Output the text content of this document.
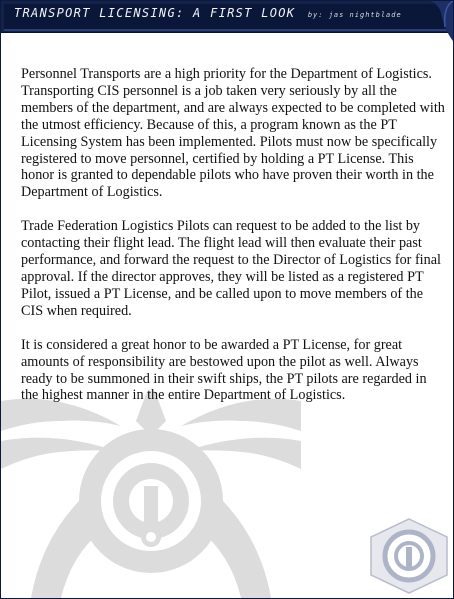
TRANSPORT LICENSING: A FIRST LOOK by: jas nightblade

Personnel Transports are a high priority for the Department of Logistics. Transporting CIS personnel is a job taken very seriously by all the members of the department, and are always expected to be completed with the utmost efficiency. Because of this, a program known as the PT Licensing System has been implemented. Pilots must now be specifically registered to move personnel, certified by holding a PT License. This honor is granted to dependable pilots who have proven their worth in the Department of Logistics.

Trade Federation Logistics Pilots can request to be added to the list by contacting their flight lead. The flight lead will then evaluate their past performance, and forward the request to the Director of Logistics for final approval. If the director approves, they will be listed as a registered PT Pilot, issued a PT License, and be called upon to move members of the CIS when required.

It is considered a great honor to be awarded a PT License, for great amounts of responsibility are bestowed upon the pilot as well. Always ready to be summoned in their swift ships, the PT pilots are regarded in the highest manner in the entire Department of Logistics.
